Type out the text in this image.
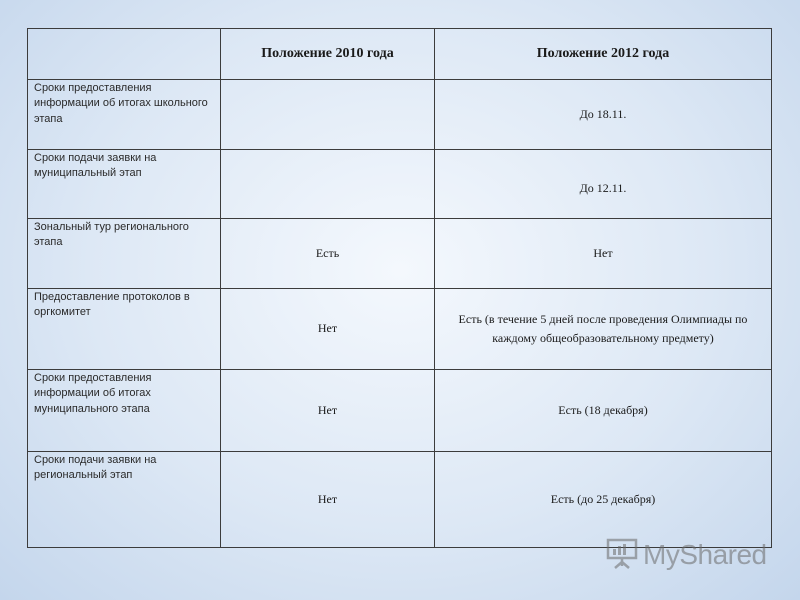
	Положение 2010 года	Положение 2012 года
Сроки предоставления информации об итогах школьного этапа		До 18.11.
Сроки подачи заявки на муниципальный этап		До 12.11.
Зональный тур регионального этапа	Есть	Нет
Предоставление протоколов в оргкомитет	Нет	Есть (в течение 5 дней после проведения Олимпиады по каждому общеобразовательному предмету)
Сроки предоставления информации об итогах муниципального этапа	Нет	Есть (18 декабря)
Сроки подачи заявки на региональный этап	Нет	Есть (до 25 декабря)
MyShared
